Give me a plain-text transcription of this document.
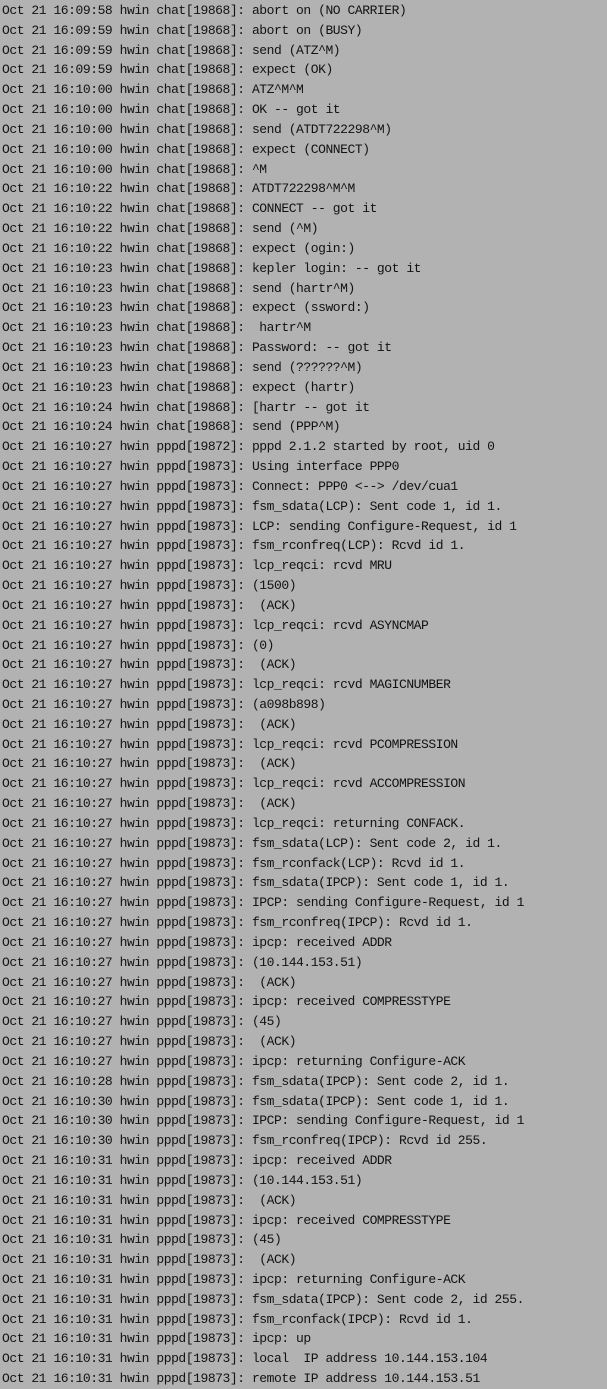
Oct 21 16:09:58 hwin chat[19868]: abort on (NO CARRIER)
Oct 21 16:09:59 hwin chat[19868]: abort on (BUSY)
Oct 21 16:09:59 hwin chat[19868]: send (ATZ^M)
Oct 21 16:09:59 hwin chat[19868]: expect (OK)
Oct 21 16:10:00 hwin chat[19868]: ATZ^M^M
Oct 21 16:10:00 hwin chat[19868]: OK -- got it
Oct 21 16:10:00 hwin chat[19868]: send (ATDT722298^M)
Oct 21 16:10:00 hwin chat[19868]: expect (CONNECT)
Oct 21 16:10:00 hwin chat[19868]: ^M
Oct 21 16:10:22 hwin chat[19868]: ATDT722298^M^M
Oct 21 16:10:22 hwin chat[19868]: CONNECT -- got it
Oct 21 16:10:22 hwin chat[19868]: send (^M)
Oct 21 16:10:22 hwin chat[19868]: expect (ogin:)
Oct 21 16:10:23 hwin chat[19868]: kepler login: -- got it
Oct 21 16:10:23 hwin chat[19868]: send (hartr^M)
Oct 21 16:10:23 hwin chat[19868]: expect (ssword:)
Oct 21 16:10:23 hwin chat[19868]:  hartr^M
Oct 21 16:10:23 hwin chat[19868]: Password: -- got it
Oct 21 16:10:23 hwin chat[19868]: send (??????^M)
Oct 21 16:10:23 hwin chat[19868]: expect (hartr)
Oct 21 16:10:24 hwin chat[19868]: [hartr -- got it
Oct 21 16:10:24 hwin chat[19868]: send (PPP^M)
Oct 21 16:10:27 hwin pppd[19872]: pppd 2.1.2 started by root, uid 0
Oct 21 16:10:27 hwin pppd[19873]: Using interface PPP0
Oct 21 16:10:27 hwin pppd[19873]: Connect: PPP0 <--> /dev/cua1
Oct 21 16:10:27 hwin pppd[19873]: fsm_sdata(LCP): Sent code 1, id 1.
Oct 21 16:10:27 hwin pppd[19873]: LCP: sending Configure-Request, id 1
Oct 21 16:10:27 hwin pppd[19873]: fsm_rconfreq(LCP): Rcvd id 1.
Oct 21 16:10:27 hwin pppd[19873]: lcp_reqci: rcvd MRU
Oct 21 16:10:27 hwin pppd[19873]: (1500)
Oct 21 16:10:27 hwin pppd[19873]:  (ACK)
Oct 21 16:10:27 hwin pppd[19873]: lcp_reqci: rcvd ASYNCMAP
Oct 21 16:10:27 hwin pppd[19873]: (0)
Oct 21 16:10:27 hwin pppd[19873]:  (ACK)
Oct 21 16:10:27 hwin pppd[19873]: lcp_reqci: rcvd MAGICNUMBER
Oct 21 16:10:27 hwin pppd[19873]: (a098b898)
Oct 21 16:10:27 hwin pppd[19873]:  (ACK)
Oct 21 16:10:27 hwin pppd[19873]: lcp_reqci: rcvd PCOMPRESSION
Oct 21 16:10:27 hwin pppd[19873]:  (ACK)
Oct 21 16:10:27 hwin pppd[19873]: lcp_reqci: rcvd ACCOMPRESSION
Oct 21 16:10:27 hwin pppd[19873]:  (ACK)
Oct 21 16:10:27 hwin pppd[19873]: lcp_reqci: returning CONFACK.
Oct 21 16:10:27 hwin pppd[19873]: fsm_sdata(LCP): Sent code 2, id 1.
Oct 21 16:10:27 hwin pppd[19873]: fsm_rconfack(LCP): Rcvd id 1.
Oct 21 16:10:27 hwin pppd[19873]: fsm_sdata(IPCP): Sent code 1, id 1.
Oct 21 16:10:27 hwin pppd[19873]: IPCP: sending Configure-Request, id 1
Oct 21 16:10:27 hwin pppd[19873]: fsm_rconfreq(IPCP): Rcvd id 1.
Oct 21 16:10:27 hwin pppd[19873]: ipcp: received ADDR
Oct 21 16:10:27 hwin pppd[19873]: (10.144.153.51)
Oct 21 16:10:27 hwin pppd[19873]:  (ACK)
Oct 21 16:10:27 hwin pppd[19873]: ipcp: received COMPRESSTYPE
Oct 21 16:10:27 hwin pppd[19873]: (45)
Oct 21 16:10:27 hwin pppd[19873]:  (ACK)
Oct 21 16:10:27 hwin pppd[19873]: ipcp: returning Configure-ACK
Oct 21 16:10:28 hwin pppd[19873]: fsm_sdata(IPCP): Sent code 2, id 1.
Oct 21 16:10:30 hwin pppd[19873]: fsm_sdata(IPCP): Sent code 1, id 1.
Oct 21 16:10:30 hwin pppd[19873]: IPCP: sending Configure-Request, id 1
Oct 21 16:10:30 hwin pppd[19873]: fsm_rconfreq(IPCP): Rcvd id 255.
Oct 21 16:10:31 hwin pppd[19873]: ipcp: received ADDR
Oct 21 16:10:31 hwin pppd[19873]: (10.144.153.51)
Oct 21 16:10:31 hwin pppd[19873]:  (ACK)
Oct 21 16:10:31 hwin pppd[19873]: ipcp: received COMPRESSTYPE
Oct 21 16:10:31 hwin pppd[19873]: (45)
Oct 21 16:10:31 hwin pppd[19873]:  (ACK)
Oct 21 16:10:31 hwin pppd[19873]: ipcp: returning Configure-ACK
Oct 21 16:10:31 hwin pppd[19873]: fsm_sdata(IPCP): Sent code 2, id 255.
Oct 21 16:10:31 hwin pppd[19873]: fsm_rconfack(IPCP): Rcvd id 1.
Oct 21 16:10:31 hwin pppd[19873]: ipcp: up
Oct 21 16:10:31 hwin pppd[19873]: local  IP address 10.144.153.104
Oct 21 16:10:31 hwin pppd[19873]: remote IP address 10.144.153.51
